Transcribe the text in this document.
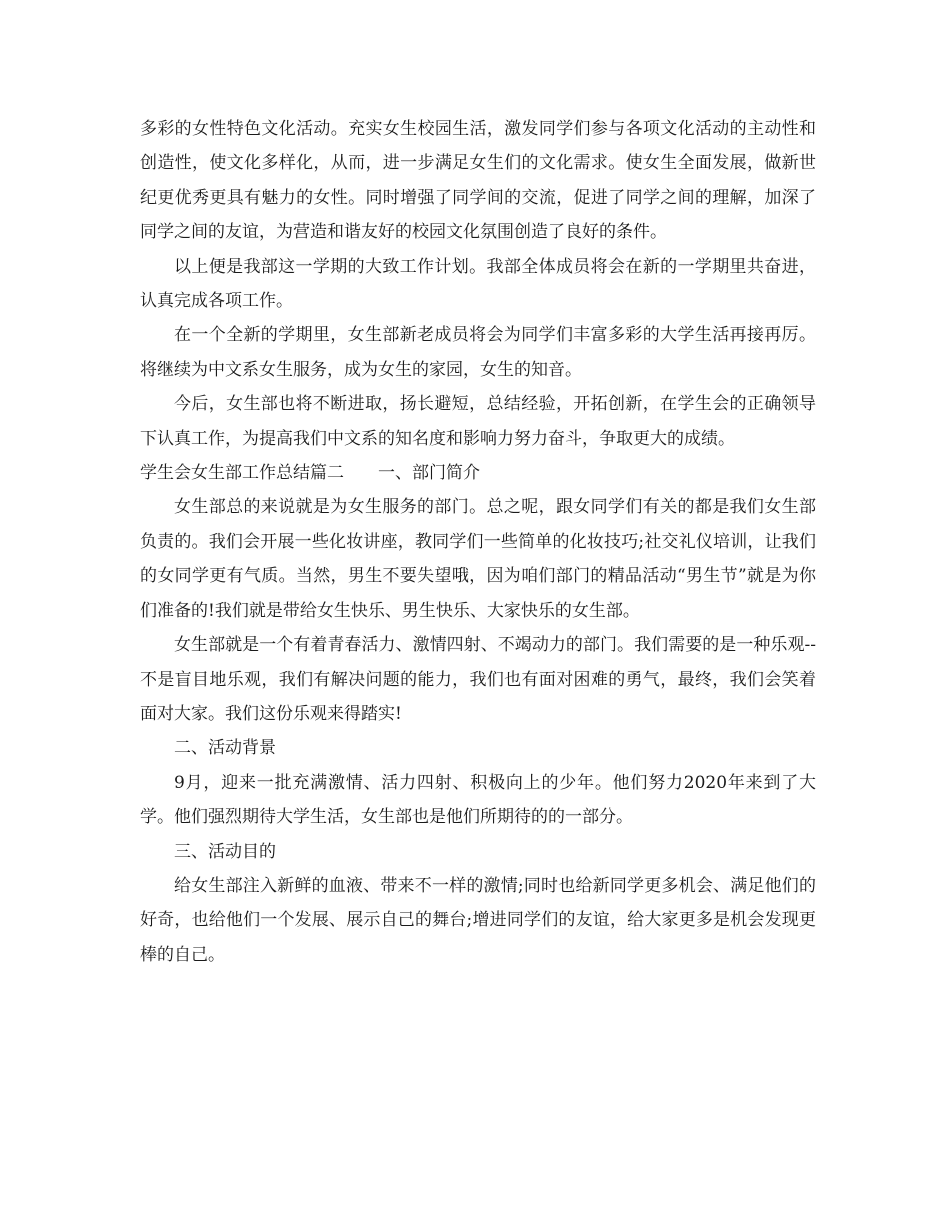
多彩的女性特色文化活动。充实女生校园生活，激发同学们参与各项文化活动的主动性和创造性，使文化多样化，从而，进一步满足女生们的文化需求。使女生全面发展，做新世纪更优秀更具有魅力的女性。同时增强了同学间的交流，促进了同学之间的理解，加深了同学之间的友谊，为营造和谐友好的校园文化氛围创造了良好的条件。

以上便是我部这一学期的大致工作计划。我部全体成员将会在新的一学期里共奋进，认真完成各项工作。

在一个全新的学期里，女生部新老成员将会为同学们丰富多彩的大学生活再接再厉。将继续为中文系女生服务，成为女生的家园，女生的知音。

今后，女生部也将不断进取，扬长避短，总结经验，开拓创新，在学生会的正确领导下认真工作，为提高我们中文系的知名度和影响力努力奋斗，争取更大的成绩。

学生会女生部工作总结篇二　　一、部门简介

女生部总的来说就是为女生服务的部门。总之呢，跟女同学们有关的都是我们女生部负责的。我们会开展一些化妆讲座，教同学们一些简单的化妆技巧;社交礼仪培训，让我们的女同学更有气质。当然，男生不要失望哦，因为咱们部门的精品活动“男生节”就是为你们准备的!我们就是带给女生快乐、男生快乐、大家快乐的女生部。

女生部就是一个有着青春活力、激情四射、不竭动力的部门。我们需要的是一种乐观--不是盲目地乐观，我们有解决问题的能力，我们也有面对困难的勇气，最终，我们会笑着面对大家。我们这份乐观来得踏实!

二、活动背景

9月，迎来一批充满激情、活力四射、积极向上的少年。他们努力2020年来到了大学。他们强烈期待大学生活，女生部也是他们所期待的的一部分。

三、活动目的

给女生部注入新鲜的血液、带来不一样的激情;同时也给新同学更多机会、满足他们的好奇，也给他们一个发展、展示自己的舞台;增进同学们的友谊，给大家更多是机会发现更棒的自己。
